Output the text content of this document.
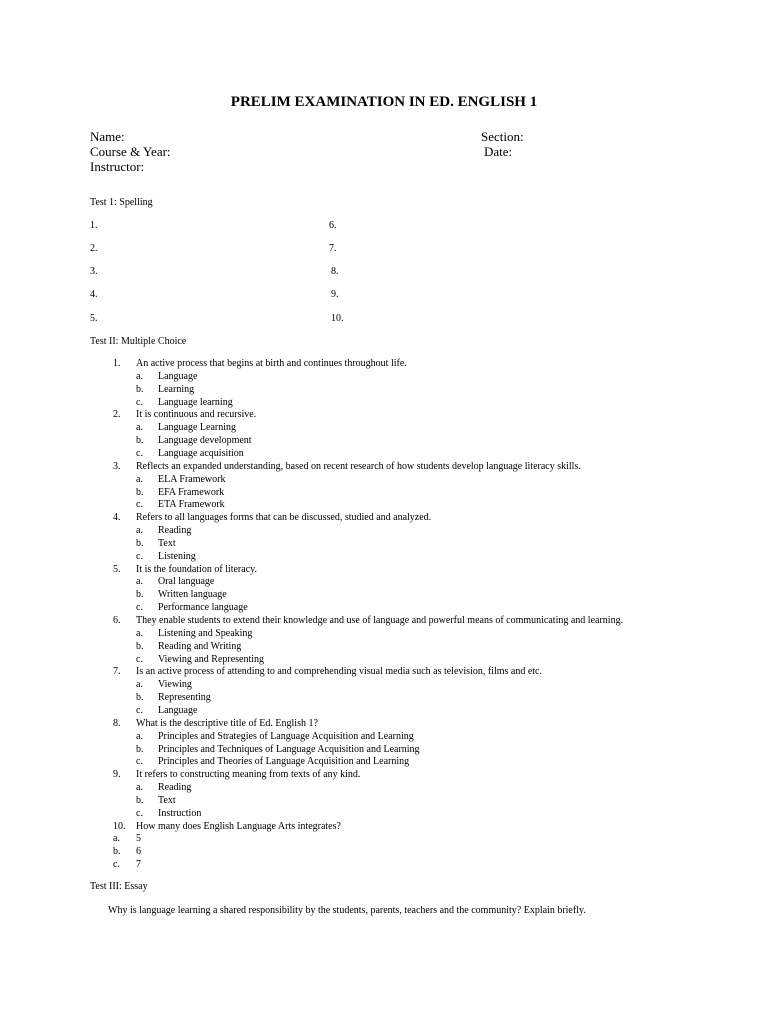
PRELIM EXAMINATION IN ED. ENGLISH 1
Name:
Course & Year:
Instructor:
Section:
Date:
Test 1: Spelling
1.
2.
3.
4.
5.
6.
7.
8.
9.
10.
Test II: Multiple Choice
1. An active process that begins at birth and continues throughout life.
a. Language
b. Learning
c. Language learning
2. It is continuous and recursive.
a. Language Learning
b. Language development
c. Language acquisition
3. Reflects an expanded understanding, based on recent research of how students develop language literacy skills.
a. ELA Framework
b. EFA Framework
c. ETA Framework
4. Refers to all languages forms that can be discussed, studied and analyzed.
a. Reading
b. Text
c. Listening
5. It is the foundation of literacy.
a. Oral language
b. Written language
c. Performance language
6. They enable students to extend their knowledge and use of language and powerful means of communicating and learning.
a. Listening and Speaking
b. Reading and Writing
c. Viewing and Representing
7. Is an active process of attending to and comprehending visual media such as television, films and etc.
a. Viewing
b. Representing
c. Language
8. What is the descriptive title of Ed. English 1?
a. Principles and Strategies of Language Acquisition and Learning
b. Principles and Techniques of Language Acquisition and Learning
c. Principles and Theories of Language Acquisition and Learning
9. It refers to constructing meaning from texts of any kind.
a. Reading
b. Text
c. Instruction
10. How many does English Language Arts integrates?
a. 5
b. 6
c. 7
Test III: Essay
Why is language learning a shared responsibility by the students, parents, teachers and the community? Explain briefly.
